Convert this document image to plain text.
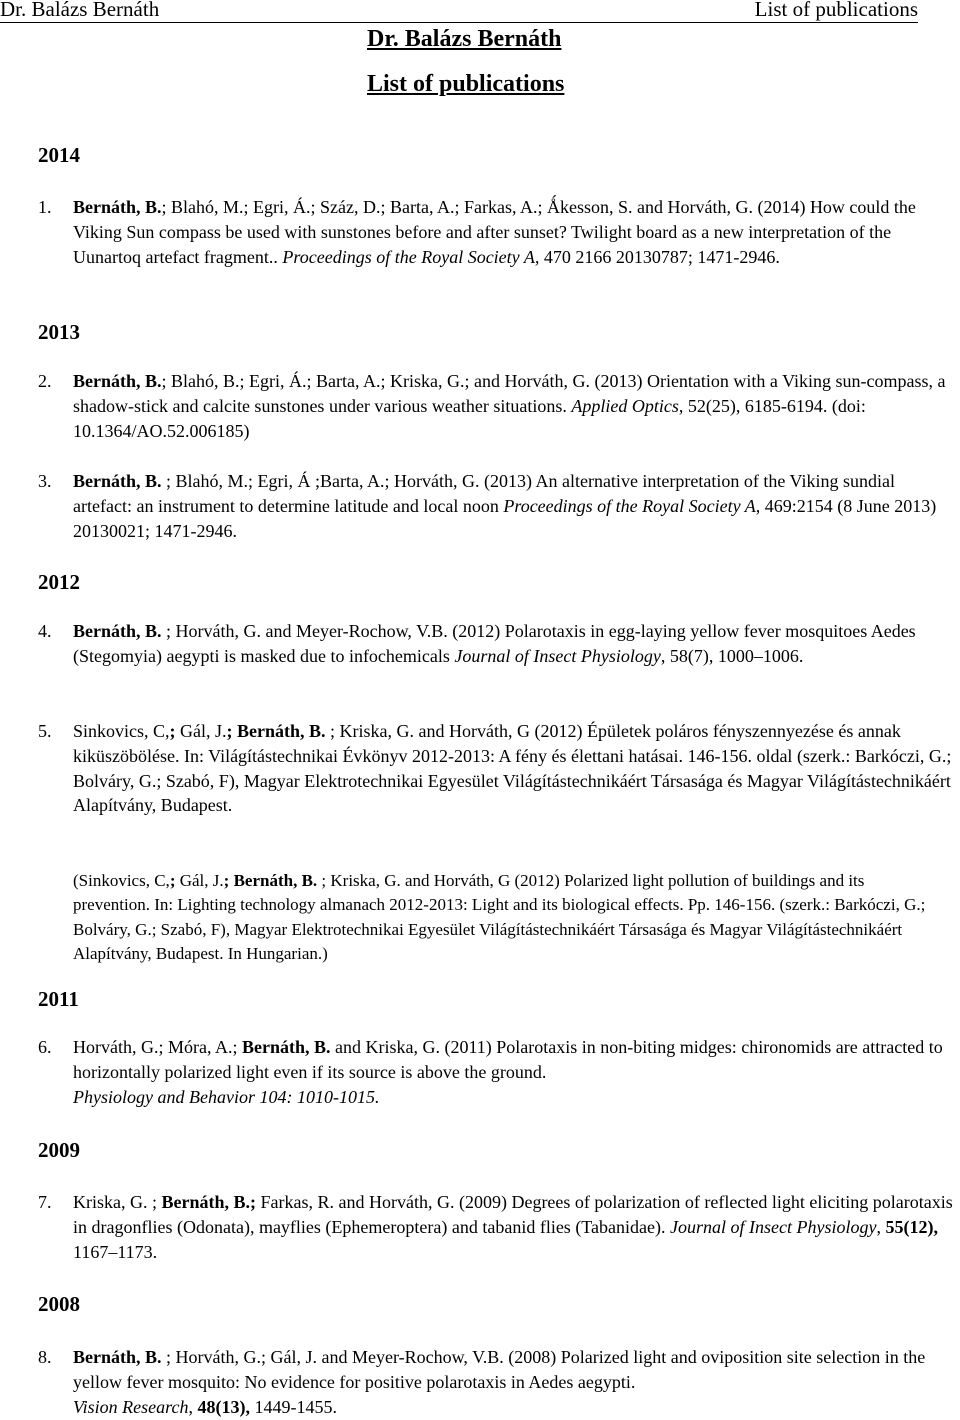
Dr. Balázs Bernáth	List of publications
Dr. Balázs Bernáth
List of publications
2014
1. Bernáth, B.; Blahó, M.; Egri, Á.; Száz, D.; Barta, A.; Farkas, A.; Ǻkesson, S. and Horváth, G. (2014) How could the Viking Sun compass be used with sunstones before and after sunset? Twilight board as a new interpretation of the Uunartoq artefact fragment.. Proceedings of the Royal Society A, 470 2166 20130787; 1471-2946.
2013
2. Bernáth, B.; Blahó, B.; Egri, Á.; Barta, A.; Kriska, G.; and Horváth, G. (2013) Orientation with a Viking sun-compass, a shadow-stick and calcite sunstones under various weather situations. Applied Optics, 52(25), 6185-6194. (doi: 10.1364/AO.52.006185)
3. Bernáth, B. ; Blahó, M.; Egri, Á ;Barta, A.; Horváth, G. (2013) An alternative interpretation of the Viking sundial artefact: an instrument to determine latitude and local noon Proceedings of the Royal Society A, 469:2154 (8 June 2013) 20130021; 1471-2946.
2012
4. Bernáth, B. ; Horváth, G. and Meyer-Rochow, V.B. (2012) Polarotaxis in egg-laying yellow fever mosquitoes Aedes (Stegomyia) aegypti is masked due to infochemicals Journal of Insect Physiology, 58(7), 1000–1006.
5. Sinkovics, C,; Gál, J.; Bernáth, B. ; Kriska, G. and Horváth, G (2012) Épületek poláros fényszennyezése és annak kiküszöbölése. In: Világítástechnikai Évkönyv 2012-2013: A fény és élettani hatásai. 146-156. oldal (szerk.: Barkóczi, G.; Bolváry, G.; Szabó, F), Magyar Elektrotechnikai Egyesület Világítástechnikáért Társasága és Magyar Világítástechnikáért Alapítvány, Budapest.
(Sinkovics, C,; Gál, J.; Bernáth, B. ; Kriska, G. and Horváth, G (2012) Polarized light pollution of buildings and its prevention. In: Lighting technology almanach 2012-2013: Light and its biological effects. Pp. 146-156. (szerk.: Barkóczi, G.; Bolváry, G.; Szabó, F), Magyar Elektrotechnikai Egyesület Világítástechnikáért Társasága és Magyar Világítástechnikáért Alapítvány, Budapest. In Hungarian.)
2011
6. Horváth, G.; Móra, A.; Bernáth, B. and Kriska, G. (2011) Polarotaxis in non-biting midges: chironomids are attracted to horizontally polarized light even if its source is above the ground.
Physiology and Behavior 104: 1010-1015.
2009
7. Kriska, G. ; Bernáth, B.; Farkas, R. and Horváth, G. (2009) Degrees of polarization of reflected light eliciting polarotaxis in dragonflies (Odonata), mayflies (Ephemeroptera) and tabanid flies (Tabanidae). Journal of Insect Physiology, 55(12), 1167–1173.
2008
8. Bernáth, B. ; Horváth, G.; Gál, J. and Meyer-Rochow, V.B. (2008) Polarized light and oviposition site selection in the yellow fever mosquito: No evidence for positive polarotaxis in Aedes aegypti.
Vision Research, 48(13), 1449-1455.
